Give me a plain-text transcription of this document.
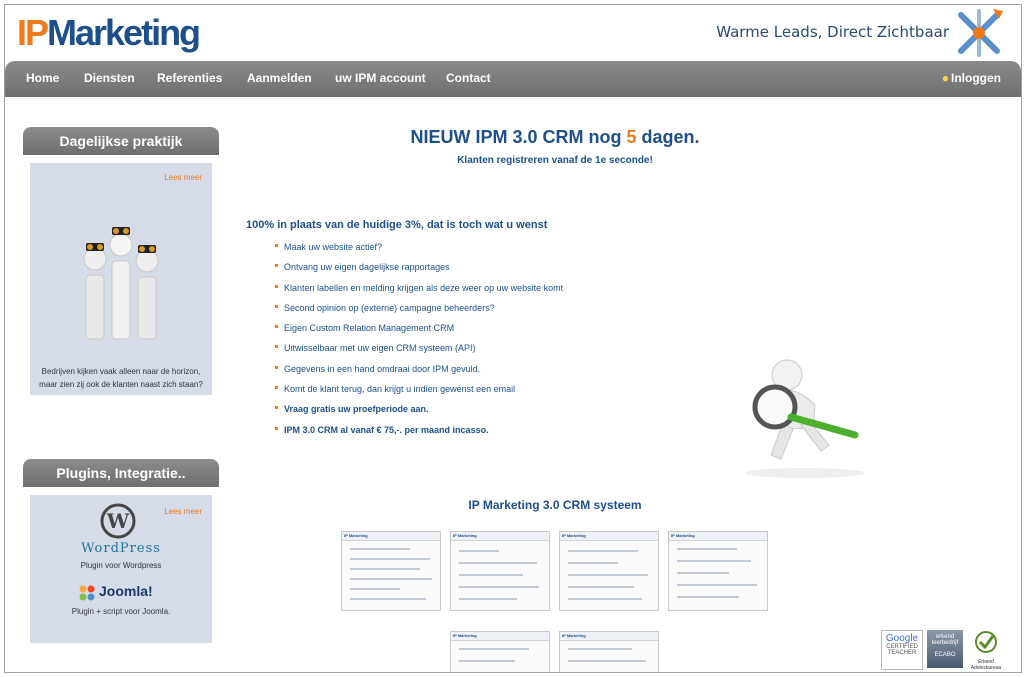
IPMarketing	Warme Leads, Direct Zichtbaar
Home Diensten Referenties Aanmelden uw IPM account Contact	● Inloggen
Dagelijkse praktijk
Lees meer
Bedrijven kijken vaak alleen naar de horizon,
maar zien zij ook de klanten naast zich staan?
Plugins, Integratie..
Lees meer
W
WordPress
Plugin voor Wordpress
Joomla!
Plugin + script voor Joomla.
NIEUW IPM 3.0 CRM nog 5 dagen.
Klanten registreren vanaf de 1e seconde!
100% in plaats van de huidige 3%, dat is toch wat u wenst
Maak uw website actief?
Ontvang uw eigen dagelijkse rapportages
Klanten labellen en melding krijgen als deze weer op uw website komt
Second opinion op (externe) campagne beheerders?
Eigen Custom Relation Management CRM
Uitwisselbaar met uw eigen CRM systeem (API)
Gegevens in een hand omdraai door IPM gevuld.
Komt de klant terug, dan krijgt u indien gewenst een email
Vraag gratis uw proefperiode aan.
IPM 3.0 CRM al vanaf € 75,-. per maand incasso.
IP Marketing 3.0 CRM systeem
IP Marketing	IP Marketing	IP Marketing	IP Marketing
IP Marketing	IP Marketing	Google
CERTIFIED
TEACHER
erkend
leerbedrijf
ECABO
Erkend
Adviesbureau
